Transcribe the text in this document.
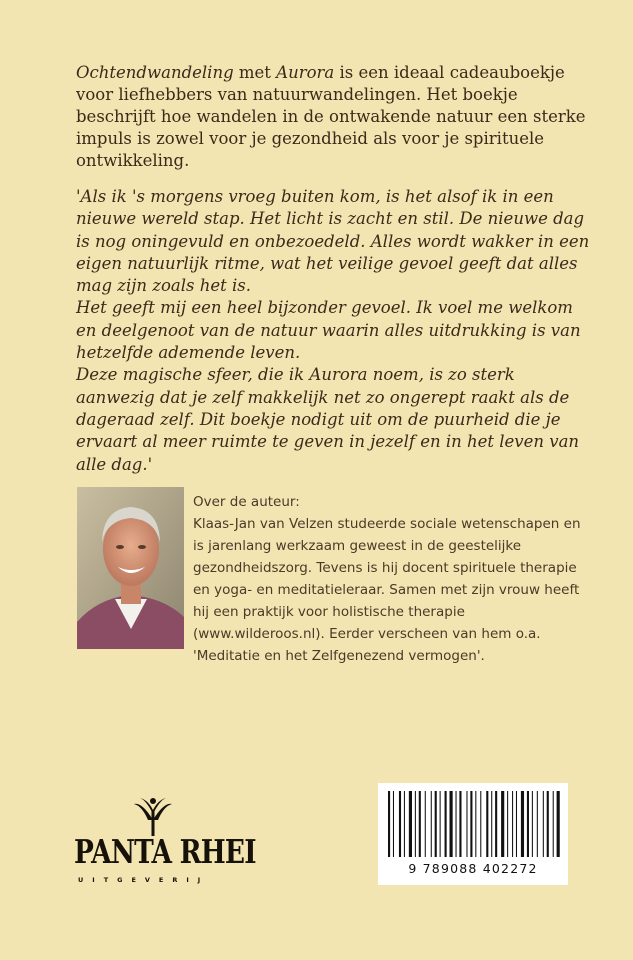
Ochtendwandeling met Aurora is een ideaal cadeauboekje voor liefhebbers van natuurwandelingen. Het boekje beschrijft hoe wandelen in de ontwakende natuur een sterke impuls is zowel voor je gezondheid als voor je spirituele ontwikkeling.

'Als ik 's morgens vroeg buiten kom, is het alsof ik in een nieuwe wereld stap. Het licht is zacht en stil. De nieuwe dag is nog oningevuld en onbezoedeld. Alles wordt wakker in een eigen natuurlijk ritme, wat het veilige gevoel geeft dat alles mag zijn zoals het is.

Het geeft mij een heel bijzonder gevoel. Ik voel me welkom en deelgenoot van de natuur waarin alles uitdrukking is van hetzelfde ademende leven.

Deze magische sfeer, die ik Aurora noem, is zo sterk aanwezig dat je zelf makkelijk net zo ongerept raakt als de dageraad zelf. Dit boekje nodigt uit om de puurheid die je ervaart al meer ruimte te geven in jezelf en in het leven van alle dag.'

Over de auteur:

Klaas-Jan van Velzen studeerde sociale wetenschapen en is jarenlang werkzaam geweest in de geestelijke gezondheidszorg. Tevens is hij docent spirituele therapie en yoga- en meditatieleraar. Samen met zijn vrouw heeft hij een praktijk voor holistische therapie (www.wilderoos.nl). Eerder verscheen van hem o.a. 'Meditatie en het Zelfgenezend vermogen'.

PANTA RHEI
UITGEVERIJ
9 789088 402272
